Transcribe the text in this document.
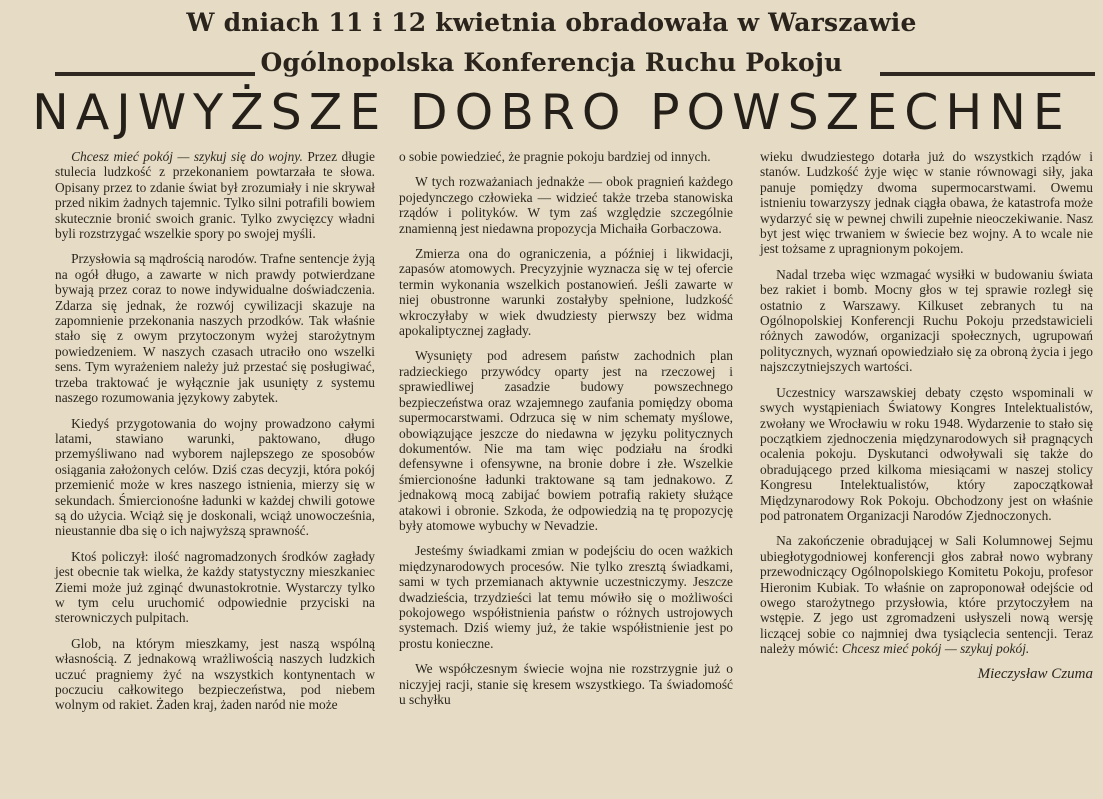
W dniach 11 i 12 kwietnia obradowała w Warszawie
Ogólnopolska Konferencja Ruchu Pokoju
NAJWYŻSZE DOBRO POWSZECHNE

Chcesz mieć pokój — szykuj się do wojny. Przez długie stulecia ludzkość z przekonaniem powtarzała te słowa. Opisany przez to zdanie świat był zrozumiały i nie skrywał przed nikim żadnych tajemnic. Tylko silni potrafili bowiem skutecznie bronić swoich granic. Tylko zwycięzcy władni byli rozstrzygać wszelkie spory po swojej myśli.

Przysłowia są mądrością narodów. Trafne sentencje żyją na ogół długo, a zawarte w nich prawdy potwierdzane bywają przez coraz to nowe indywidualne doświadczenia. Zdarza się jednak, że rozwój cywilizacji skazuje na zapomnienie przekonania naszych przodków. Tak właśnie stało się z owym przytoczonym wyżej starożytnym powiedzeniem. W naszych czasach utraciło ono wszelki sens. Tym wyrażeniem należy już przestać się posługiwać, trzeba traktować je wyłącznie jak usunięty z systemu naszego rozumowania językowy zabytek.

Kiedyś przygotowania do wojny prowadzono całymi latami, stawiano warunki, paktowano, długo przemyśliwano nad wyborem najlepszego ze sposobów osiągania założonych celów. Dziś czas decyzji, która pokój przemienić może w kres naszego istnienia, mierzy się w sekundach. Śmiercionośne ładunki w każdej chwili gotowe są do użycia. Wciąż się je doskonali, wciąż unowocześnia, nieustannie dba się o ich najwyższą sprawność.

Ktoś policzył: ilość nagromadzonych środków zagłady jest obecnie tak wielka, że każdy statystyczny mieszkaniec Ziemi może już zginąć dwunastokrotnie. Wystarczy tylko w tym celu uruchomić odpowiednie przyciski na sterowniczych pulpitach.

Glob, na którym mieszkamy, jest naszą wspólną własnością. Z jednakową wrażliwością naszych ludzkich uczuć pragniemy żyć na wszystkich kontynentach w poczuciu całkowitego bezpieczeństwa, pod niebem wolnym od rakiet. Żaden kraj, żaden naród nie może

o sobie powiedzieć, że pragnie pokoju bardziej od innych.

W tych rozważaniach jednakże — obok pragnień każdego pojedynczego człowieka — widzieć także trzeba stanowiska rządów i polityków. W tym zaś względzie szczególnie znamienną jest niedawna propozycja Michaiła Gorbaczowa.

Zmierza ona do ograniczenia, a później i likwidacji, zapasów atomowych. Precyzyjnie wyznacza się w tej ofercie termin wykonania wszelkich postanowień. Jeśli zawarte w niej obustronne warunki zostałyby spełnione, ludzkość wkroczyłaby w wiek dwudziesty pierwszy bez widma apokaliptycznej zagłady.

Wysunięty pod adresem państw zachodnich plan radzieckiego przywódcy oparty jest na rzeczowej i sprawiedliwej zasadzie budowy powszechnego bezpieczeństwa oraz wzajemnego zaufania pomiędzy oboma supermocarstwami. Odrzuca się w nim schematy myślowe, obowiązujące jeszcze do niedawna w języku politycznych dokumentów. Nie ma tam więc podziału na środki defensywne i ofensywne, na bronie dobre i złe. Wszelkie śmiercionośne ładunki traktowane są tam jednakowo. Z jednakową mocą zabijać bowiem potrafią rakiety służące atakowi i obronie. Szkoda, że odpowiedzią na tę propozycję były atomowe wybuchy w Nevadzie.

Jesteśmy świadkami zmian w podejściu do ocen ważkich międzynarodowych procesów. Nie tylko zresztą świadkami, sami w tych przemianach aktywnie uczestniczymy. Jeszcze dwadzieścia, trzydzieści lat temu mówiło się o możliwości pokojowego współistnienia państw o różnych ustrojowych systemach. Dziś wiemy już, że takie współistnienie jest po prostu konieczne.

We współczesnym świecie wojna nie rozstrzygnie już o niczyjej racji, stanie się kresem wszystkiego. Ta świadomość u schyłku

wieku dwudziestego dotarła już do wszystkich rządów i stanów. Ludzkość żyje więc w stanie równowagi siły, jaka panuje pomiędzy dwoma supermocarstwami. Owemu istnieniu towarzyszy jednak ciągła obawa, że katastrofa może wydarzyć się w pewnej chwili zupełnie nieoczekiwanie. Nasz byt jest więc trwaniem w świecie bez wojny. A to wcale nie jest tożsame z upragnionym pokojem.

Nadal trzeba więc wzmagać wysiłki w budowaniu świata bez rakiet i bomb. Mocny głos w tej sprawie rozległ się ostatnio z Warszawy. Kilkuset zebranych tu na Ogólnopolskiej Konferencji Ruchu Pokoju przedstawicieli różnych zawodów, organizacji społecznych, ugrupowań politycznych, wyznań opowiedziało się za obroną życia i jego najszczytniejszych wartości.

Uczestnicy warszawskiej debaty często wspominali w swych wystąpieniach Światowy Kongres Intelektualistów, zwołany we Wrocławiu w roku 1948. Wydarzenie to stało się początkiem zjednoczenia międzynarodowych sił pragnących ocalenia pokoju. Dyskutanci odwoływali się także do obradującego przed kilkoma miesiącami w naszej stolicy Kongresu Intelektualistów, który zapoczątkował Międzynarodowy Rok Pokoju. Obchodzony jest on właśnie pod patronatem Organizacji Narodów Zjednoczonych.

Na zakończenie obradującej w Sali Kolumnowej Sejmu ubiegłotygodniowej konferencji głos zabrał nowo wybrany przewodniczący Ogólnopolskiego Komitetu Pokoju, profesor Hieronim Kubiak. To właśnie on zaproponował odejście od owego starożytnego przysłowia, które przytoczyłem na wstępie. Z jego ust zgromadzeni usłyszeli nową wersję liczącej sobie co najmniej dwa tysiąclecia sentencji. Teraz należy mówić: Chcesz mieć pokój — szykuj pokój.

Mieczysław Czuma
